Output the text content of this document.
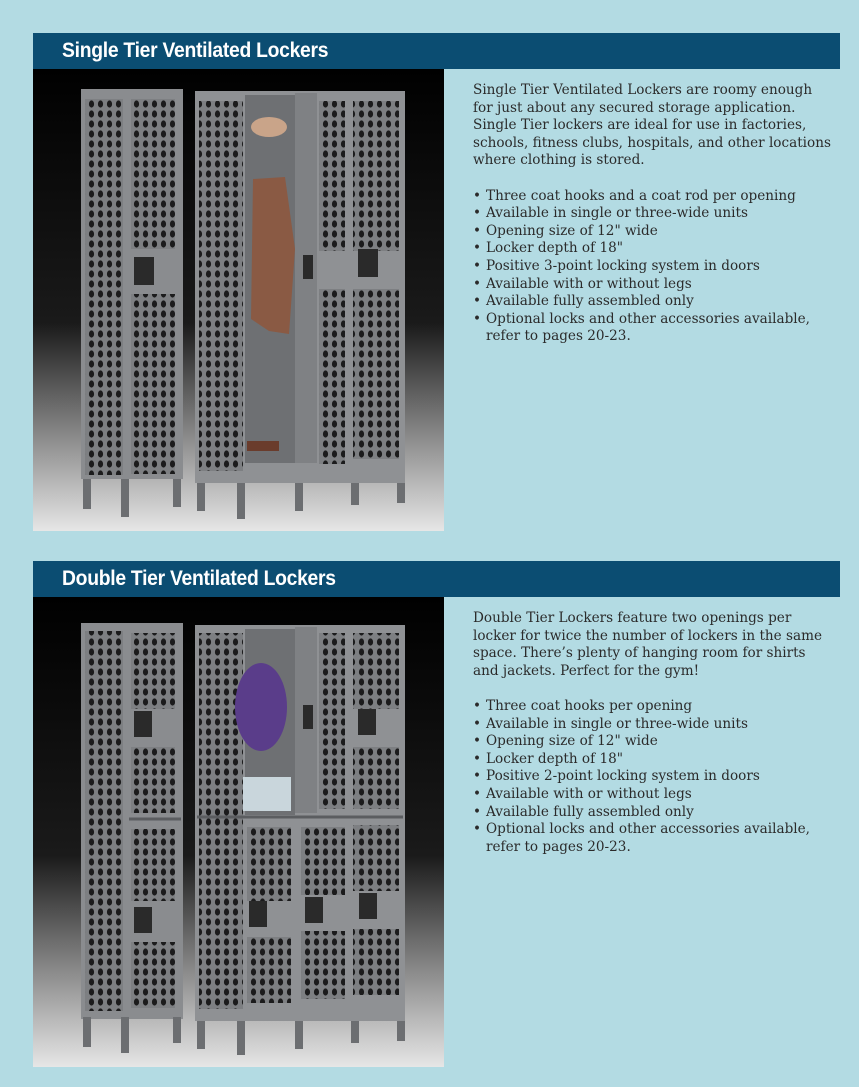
Single Tier Ventilated Lockers

Single Tier Ventilated Lockers are roomy enough for just about any secured storage application. Single Tier lockers are ideal for use in factories, schools, fitness clubs, hospitals, and other locations where clothing is stored.

• Three coat hooks and a coat rod per opening
• Available in single or three-wide units
• Opening size of 12" wide
• Locker depth of 18"
• Positive 3-point locking system in doors
• Available with or without legs
• Available fully assembled only
• Optional locks and other accessories available, refer to pages 20-23.
Double Tier Ventilated Lockers

Double Tier Lockers feature two openings per locker for twice the number of lockers in the same space. There’s plenty of hanging room for shirts and jackets. Perfect for the gym!

• Three coat hooks per opening
• Available in single or three-wide units
• Opening size of 12" wide
• Locker depth of 18"
• Positive 2-point locking system in doors
• Available with or without legs
• Available fully assembled only
• Optional locks and other accessories available, refer to pages 20-23.
